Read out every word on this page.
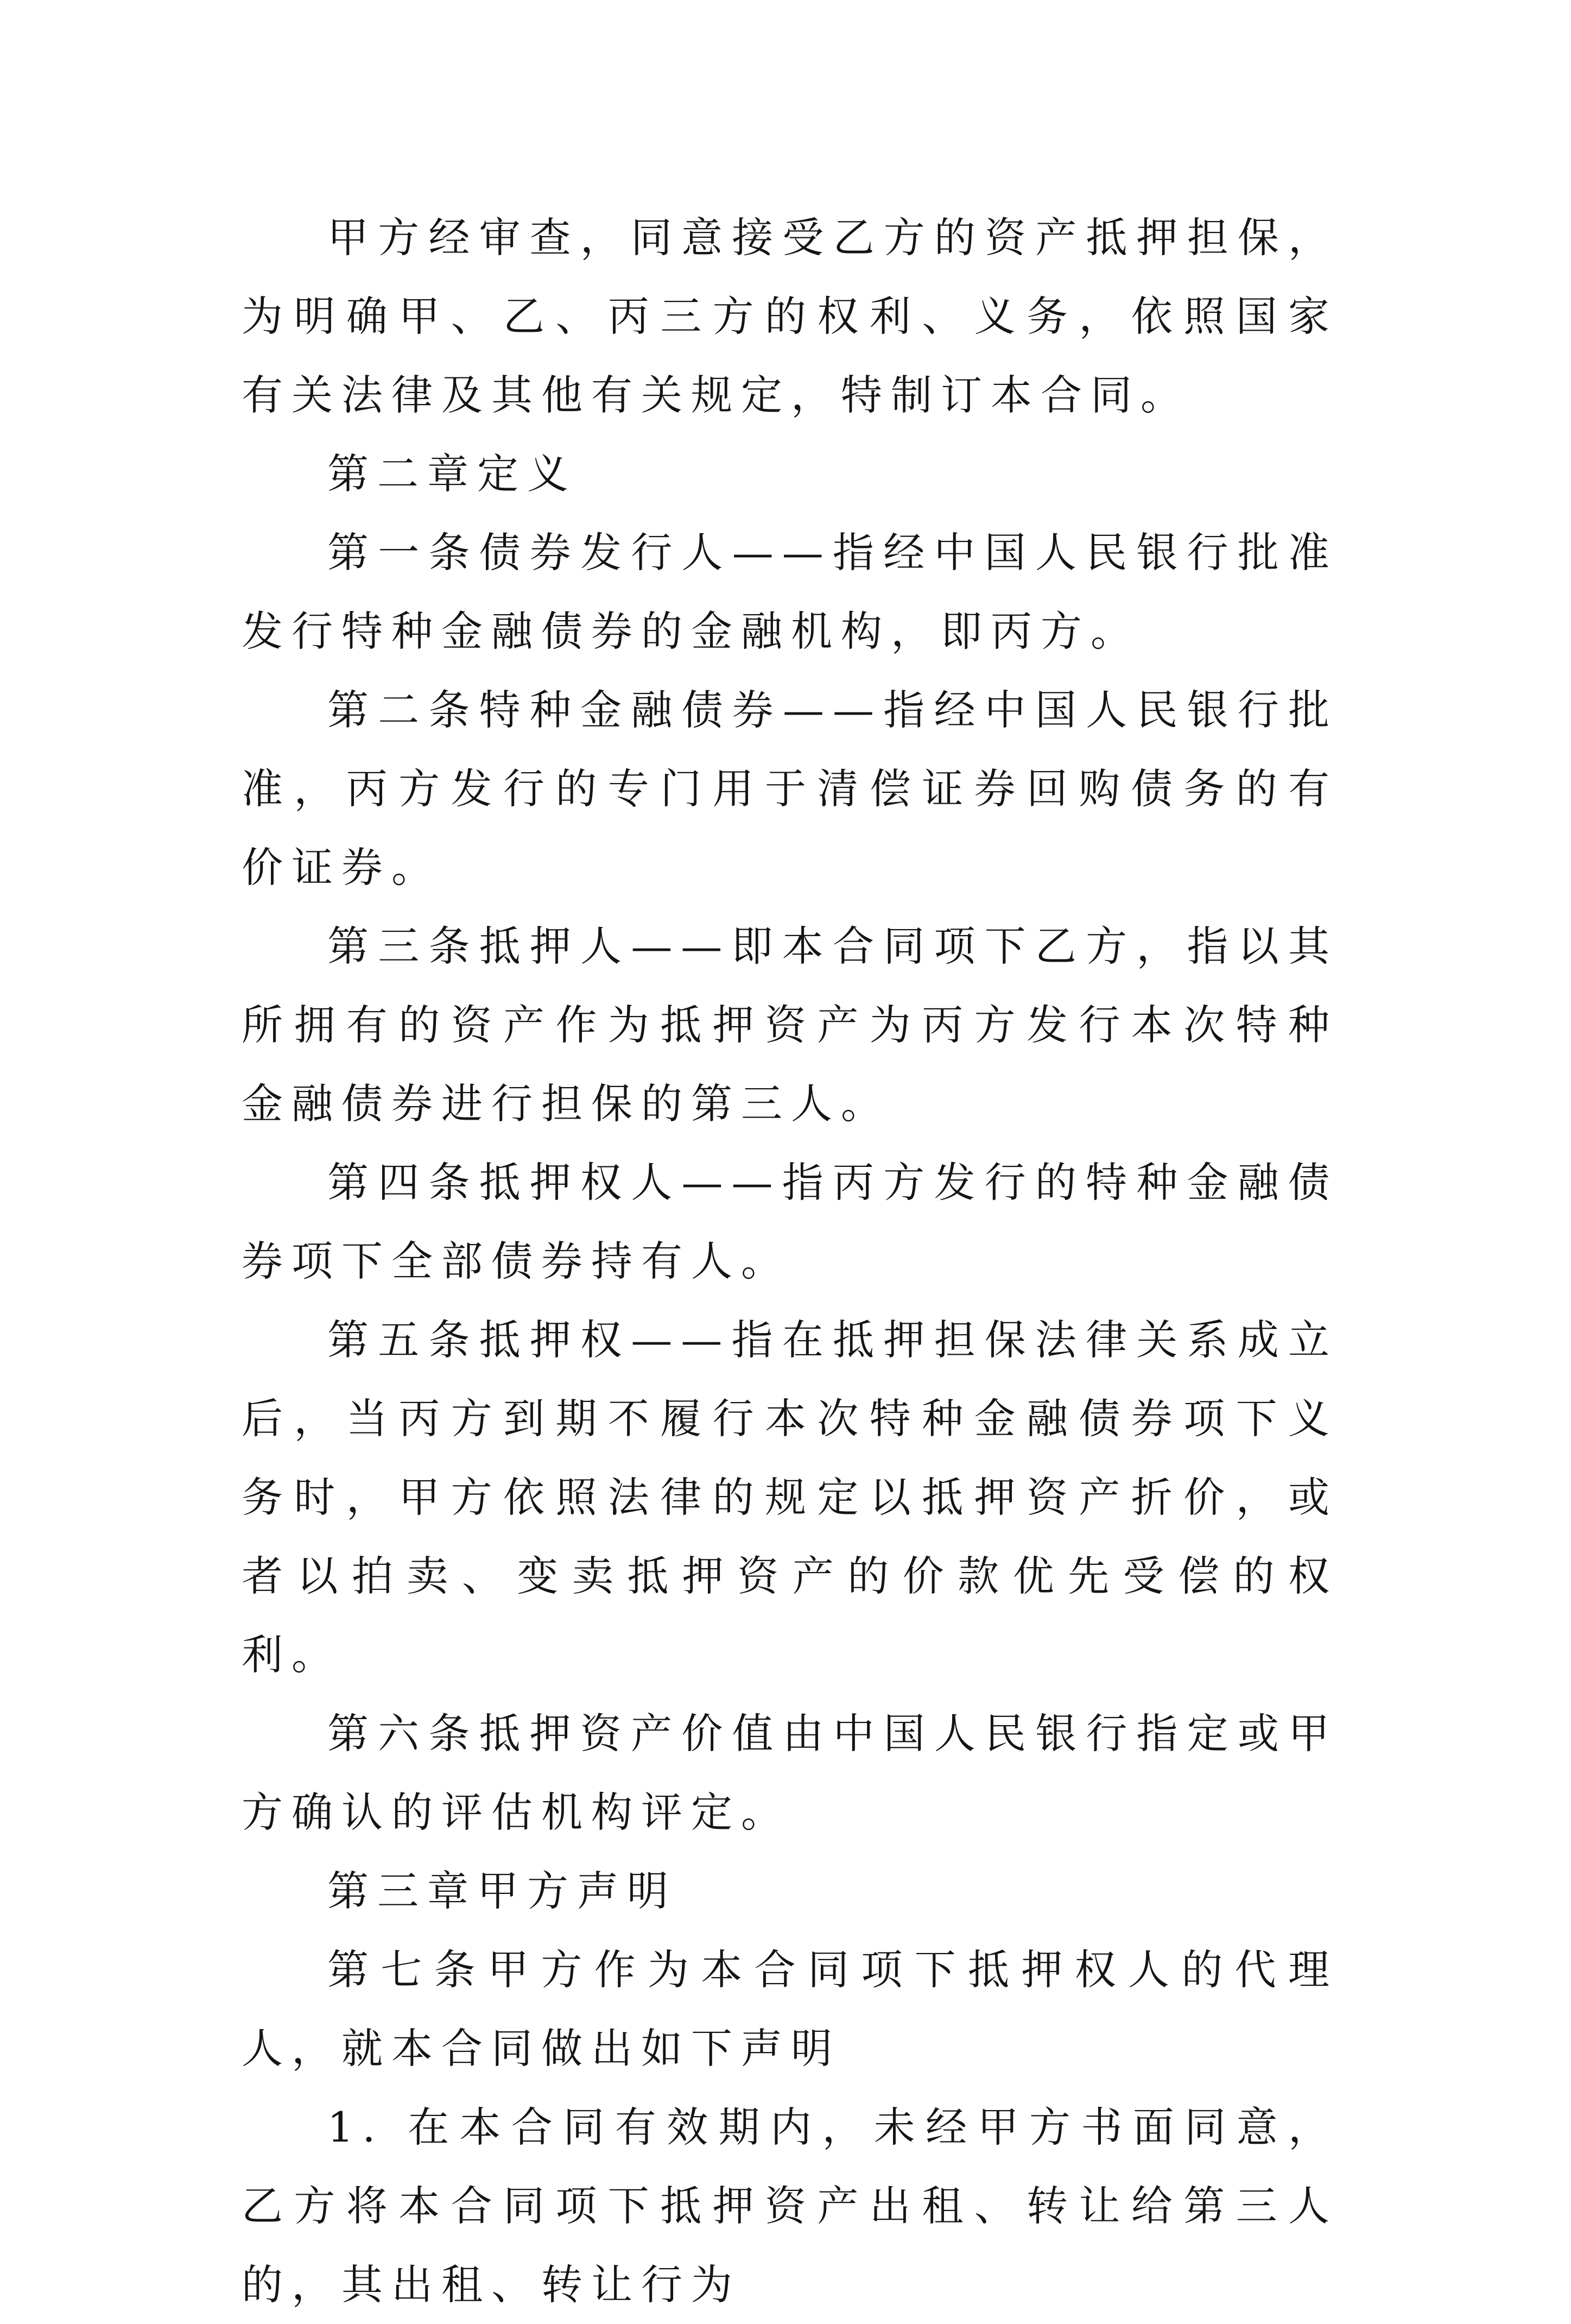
甲方经审查，同意接受乙方的资产抵押担保，为明确甲、乙、丙三方的权利、义务，依照国家有关法律及其他有关规定，特制订本合同。

第二章定义

第一条债券发行人——指经中国人民银行批准发行特种金融债券的金融机构，即丙方。

第二条特种金融债券——指经中国人民银行批准，丙方发行的专门用于清偿证券回购债务的有价证券。

第三条抵押人——即本合同项下乙方，指以其所拥有的资产作为抵押资产为丙方发行本次特种金融债券进行担保的第三人。

第四条抵押权人——指丙方发行的特种金融债券项下全部债券持有人。

第五条抵押权——指在抵押担保法律关系成立后，当丙方到期不履行本次特种金融债券项下义务时，甲方依照法律的规定以抵押资产折价，或者以拍卖、变卖抵押资产的价款优先受偿的权利。

第六条抵押资产价值由中国人民银行指定或甲方确认的评估机构评定。

第三章甲方声明

第七条甲方作为本合同项下抵押权人的代理人，就本合同做出如下声明

1. 在本合同有效期内，未经甲方书面同意，乙方将本合同项下抵押资产出租、转让给第三人的，其出租、转让行为
